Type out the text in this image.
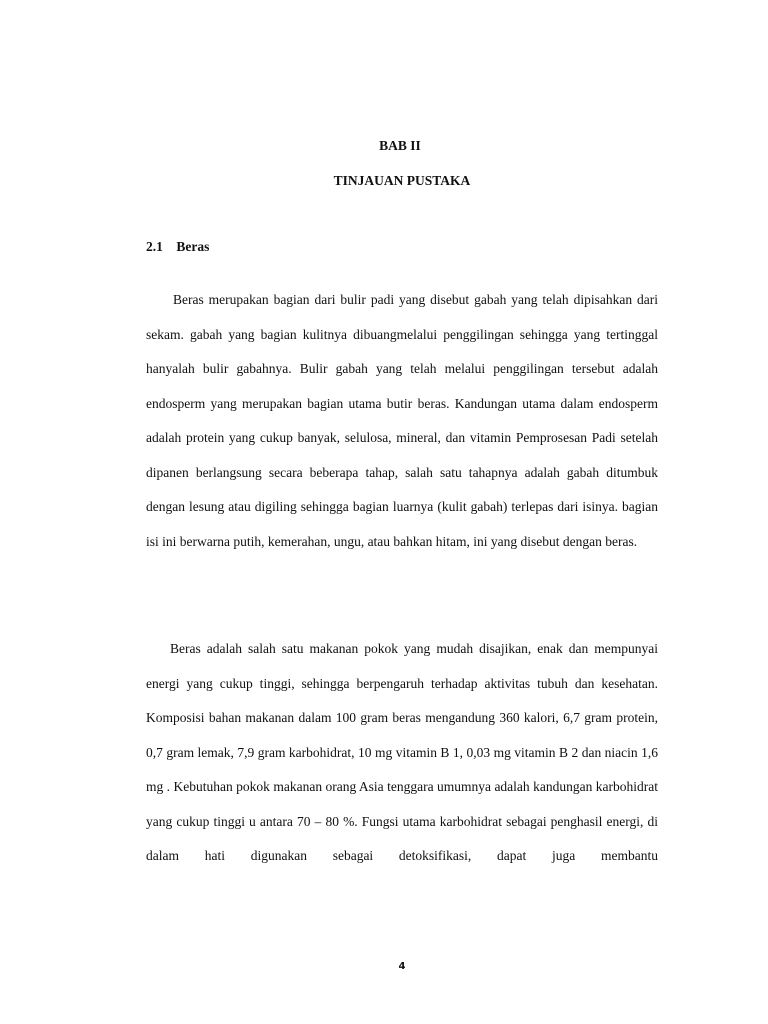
BAB II
TINJAUAN PUSTAKA
2.1 Beras

Beras merupakan bagian dari bulir padi yang disebut gabah yang telah dipisahkan dari sekam. gabah yang bagian kulitnya dibuangmelalui penggilingan sehingga yang tertinggal hanyalah bulir gabahnya. Bulir gabah yang telah melalui penggilingan tersebut adalah endosperm yang merupakan bagian utama butir beras. Kandungan utama dalam endosperm adalah protein yang cukup banyak, selulosa, mineral, dan vitamin Pemprosesan Padi setelah dipanen berlangsung secara beberapa tahap, salah satu tahapnya adalah gabah ditumbuk dengan lesung atau digiling sehingga bagian luarnya (kulit gabah) terlepas dari isinya. bagian isi ini berwarna putih, kemerahan, ungu, atau bahkan hitam, ini yang disebut dengan beras.

Beras adalah salah satu makanan pokok yang mudah disajikan, enak dan mempunyai energi yang cukup tinggi, sehingga berpengaruh terhadap aktivitas tubuh dan kesehatan. Komposisi bahan makanan dalam 100 gram beras mengandung 360 kalori, 6,7 gram protein, 0,7 gram lemak, 7,9 gram karbohidrat, 10 mg vitamin B 1, 0,03 mg vitamin B 2 dan niacin 1,6 mg . Kebutuhan pokok makanan orang Asia tenggara umumnya adalah kandungan karbohidrat yang cukup tinggi u antara 70 – 80 %. Fungsi utama karbohidrat sebagai penghasil energi, di dalam hati digunakan sebagai detoksifikasi, dapat juga membantu

4
